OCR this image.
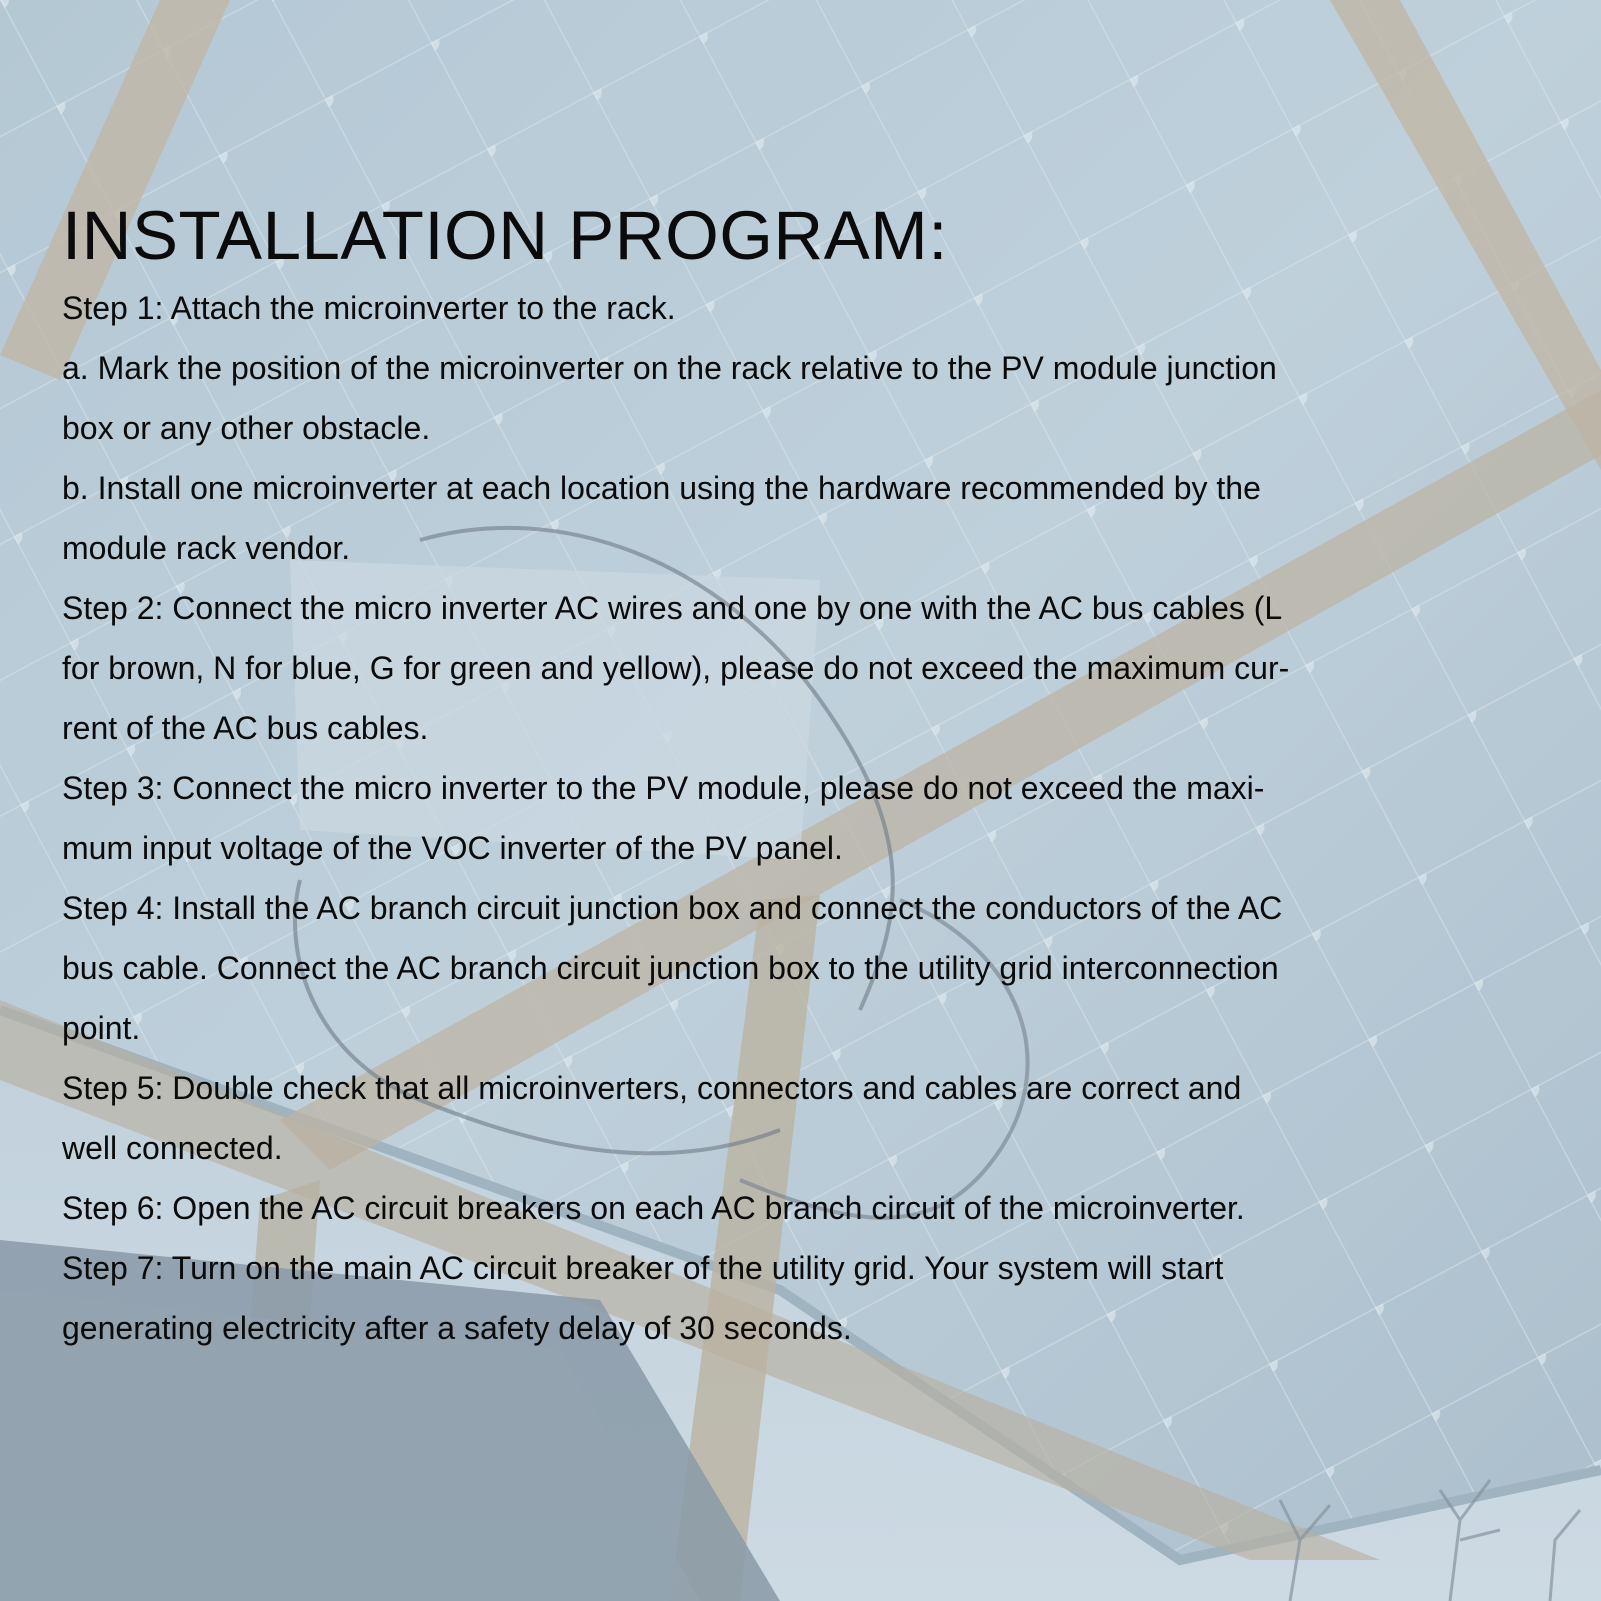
INSTALLATION PROGRAM:
Step 1: Attach the microinverter to the rack.
a. Mark the position of the microinverter on the rack relative to the PV module junction
box or any other obstacle.
b. Install one microinverter at each location using the hardware recommended by the
module rack vendor.
Step 2: Connect the micro inverter AC wires and one by one with the AC bus cables (L
for brown, N for blue, G for green and yellow), please do not exceed the maximum cur-
rent of the AC bus cables.
Step 3: Connect the micro inverter to the PV module, please do not exceed the maxi-
mum input voltage of the VOC inverter of the PV panel.
Step 4: Install the AC branch circuit junction box and connect the conductors of the AC
bus cable. Connect the AC branch circuit junction box to the utility grid interconnection
point.
Step 5: Double check that all microinverters, connectors and cables are correct and
well connected.
Step 6: Open the AC circuit breakers on each AC branch circuit of the microinverter.
Step 7: Turn on the main AC circuit breaker of the utility grid. Your system will start
generating electricity after a safety delay of 30 seconds.
